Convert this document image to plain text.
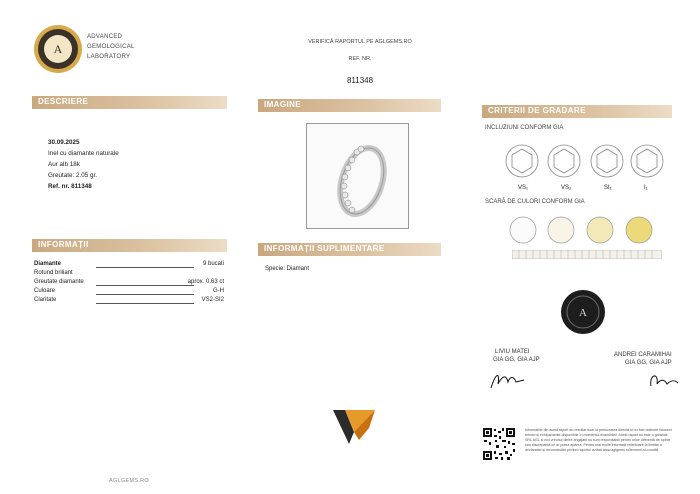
A
ADVANCED
GEMOLOGICAL
LABORATORY
VERIFICĂ RAPORTUL PE AGLGEMS.RO
REF. NR.
811348
DESCRIERE	IMAGINE
CRITERII DE GRADARE
INFORMAȚII	INFORMAȚII SUPLIMENTARE
30.09.2025
Inel cu diamante naturale
Aur alb 18k
Greutate: 2.05 gr.
Ref. nr. 811348
Diamante	9 bucati
Rotund briliant
Greutate diamante	aprox. 0.63 ct
Culoare	G-H
Claritate	VS2-SI2
Specie: Diamant
INCLUZIUNI CONFORM GIA
VS₁	VS₂	SI₁	I₁
SCARĂ DE CULORI CONFORM GIA
A
LIVIU MATEI
GIA GG, GIA AJP
ANDREI CARAMIHAI
GIA GG, GIA AJP
Informațiile din acest raport au rezultat doar la prelucrarea directă și nu fost obținute folosind tehnici și echipamente disponibile în momentul examinării. Acest raport nu este o garanție. SRL AGL și nici vreunul dintre angajații nu sunt responsabili pentru orice diferență de opinie sau discrepanță ce ar putea apărea. Pentru mai multe informații referitoare la limitări a declarației și recomandări privind raportul vizitați www.aglgems.ro/termeni-si-conditii.
AGLGEMS.RO
